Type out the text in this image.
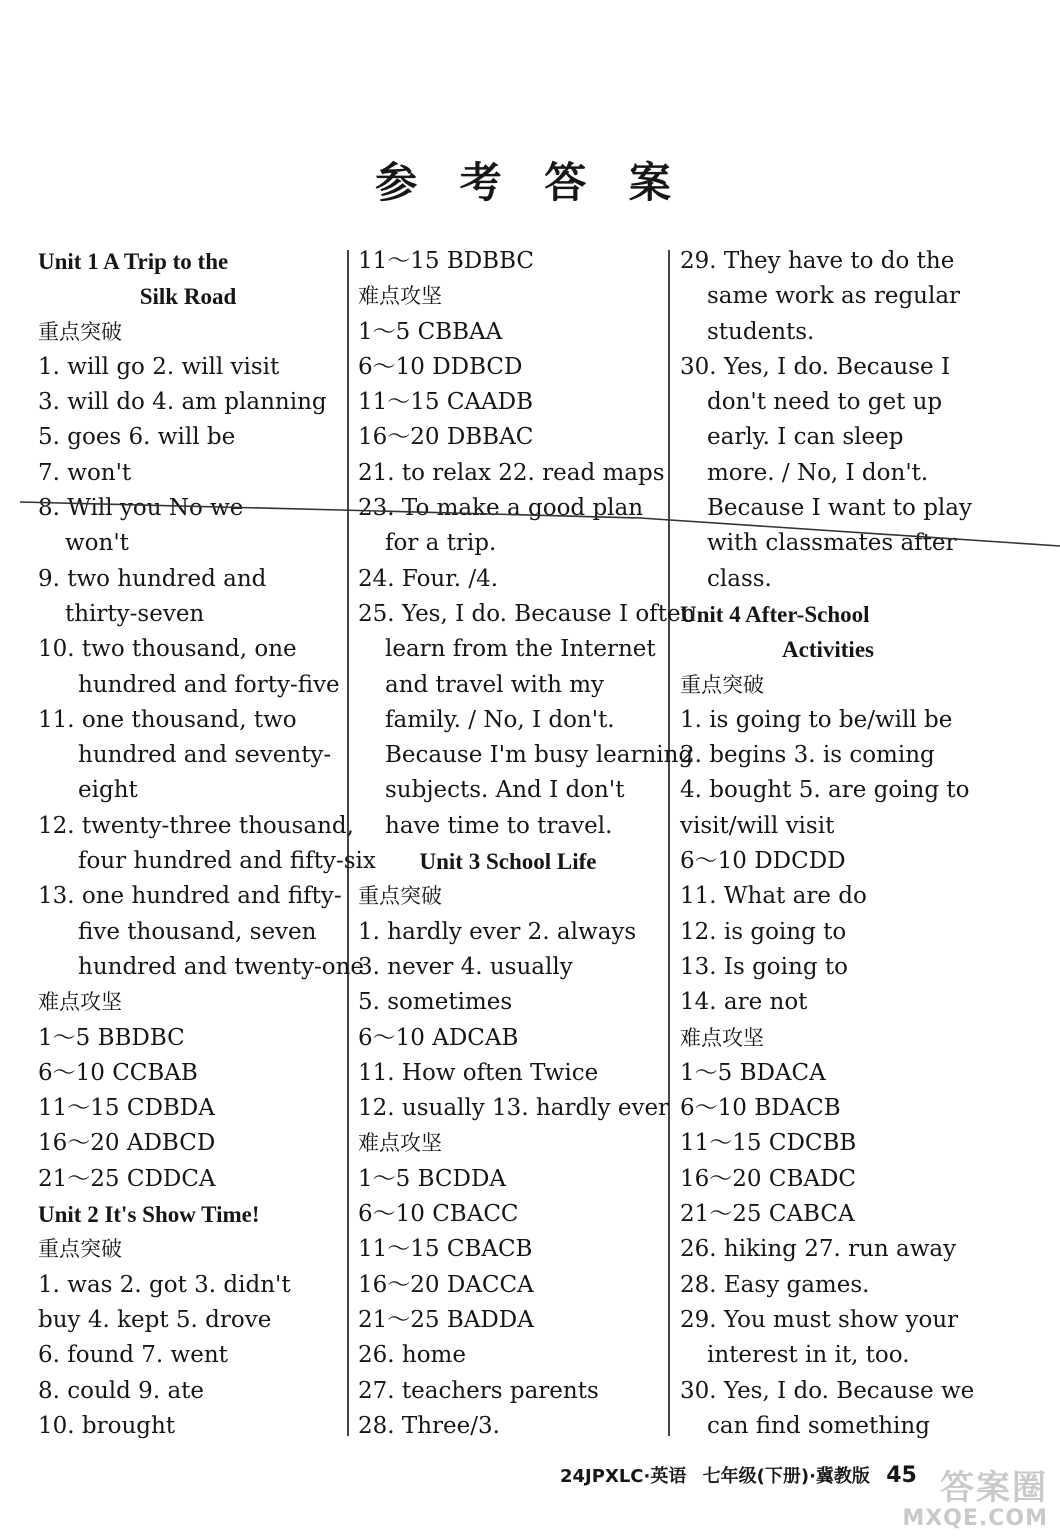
参 考 答 案
Unit 1 A Trip to the
Silk Road
重点突破
1. will go 2. will visit
3. will do 4. am planning
5. goes 6. will be
7. won't
8. Will you No we
won't
9. two hundred and
thirty-seven
10. two thousand, one
hundred and forty-five
11. one thousand, two
hundred and seventy-
eight
12. twenty-three thousand,
four hundred and fifty-six
13. one hundred and fifty-
five thousand, seven
hundred and twenty-one
难点攻坚
1～5 BBDBC
6～10 CCBAB
11～15 CDBDA
16～20 ADBCD
21～25 CDDCA
Unit 2 It's Show Time!
重点突破
1. was 2. got 3. didn't
buy 4. kept 5. drove
6. found 7. went
8. could 9. ate
10. brought
11～15 BDBBC
难点攻坚
1～5 CBBAA
6～10 DDBCD
11～15 CAADB
16～20 DBBAC
21. to relax 22. read maps
23. To make a good plan
for a trip.
24. Four. /4.
25. Yes, I do. Because I often
learn from the Internet
and travel with my
family. / No, I don't.
Because I'm busy learning
subjects. And I don't
have time to travel.
Unit 3 School Life
重点突破
1. hardly ever 2. always
3. never 4. usually
5. sometimes
6～10 ADCAB
11. How often Twice
12. usually 13. hardly ever
难点攻坚
1～5 BCDDA
6～10 CBACC
11～15 CBACB
16～20 DACCA
21～25 BADDA
26. home
27. teachers parents
28. Three/3.
29. They have to do the
same work as regular
students.
30. Yes, I do. Because I
don't need to get up
early. I can sleep
more. / No, I don't.
Because I want to play
with classmates after
class.
Unit 4 After-School
Activities
重点突破
1. is going to be/will be
2. begins 3. is coming
4. bought 5. are going to
visit/will visit
6～10 DDCDD
11. What are do
12. is going to
13. Is going to
14. are not
难点攻坚
1～5 BDACA
6～10 BDACB
11～15 CDCBB
16～20 CBADC
21～25 CABCA
26. hiking 27. run away
28. Easy games.
29. You must show your
interest in it, too.
30. Yes, I do. Because we
can find something
24JPXLC·英语 七年级(下册)·冀教版 45 答案圈
MXQE.COM
